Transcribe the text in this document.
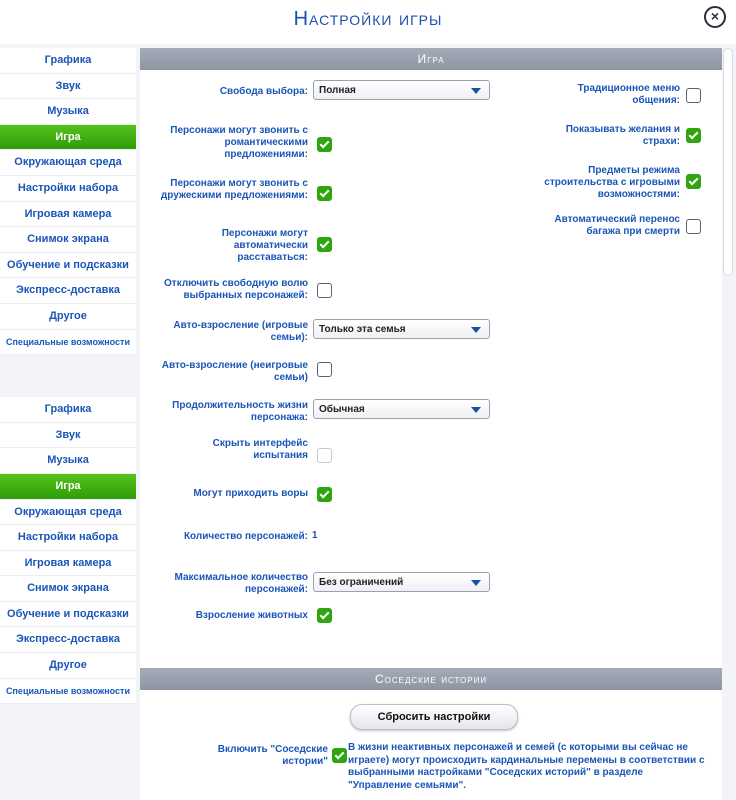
Настройки игры	×
Графика
Звук
Музыка
Игра
Окружающая среда
Настройки набора
Игровая камера
Снимок экрана
Обучение и подсказки
Экспресс-доставка
Другое
Специальные возможности
Графика
Звук
Музыка
Игра
Окружающая среда
Настройки набора
Игровая камера
Снимок экрана
Обучение и подсказки
Экспресс-доставка
Другое
Специальные возможности
Игра
Свобода выбора:	Полная
Персонажи могут звонить с романтическими предложениями:
Персонажи могут звонить с дружескими предложениями:
Персонажи могут автоматически расставаться:
Отключить свободную волю выбранных персонажей:
Авто-взросление (игровые семьи):
Только эта семья
Авто-взросление (неигровые семьи)
Продолжительность жизни персонажа:
Обычная
Скрыть интерфейс испытания
Могут приходить воры
Количество персонажей: 1
Максимальное количество персонажей:
Без ограничений
Взросление животных
Традиционное меню общения:
Показывать желания и страхи:
Предметы режима строительства с игровыми возможностями:
Автоматический перенос багажа при смерти
Соседские истории
Сбросить настройки
Включить "Соседские истории"
В жизни неактивных персонажей и семей (с которыми вы сейчас не играете) могут происходить кардинальные перемены в соответствии с выбранными настройками "Соседских историй" в разделе "Управление семьями".
